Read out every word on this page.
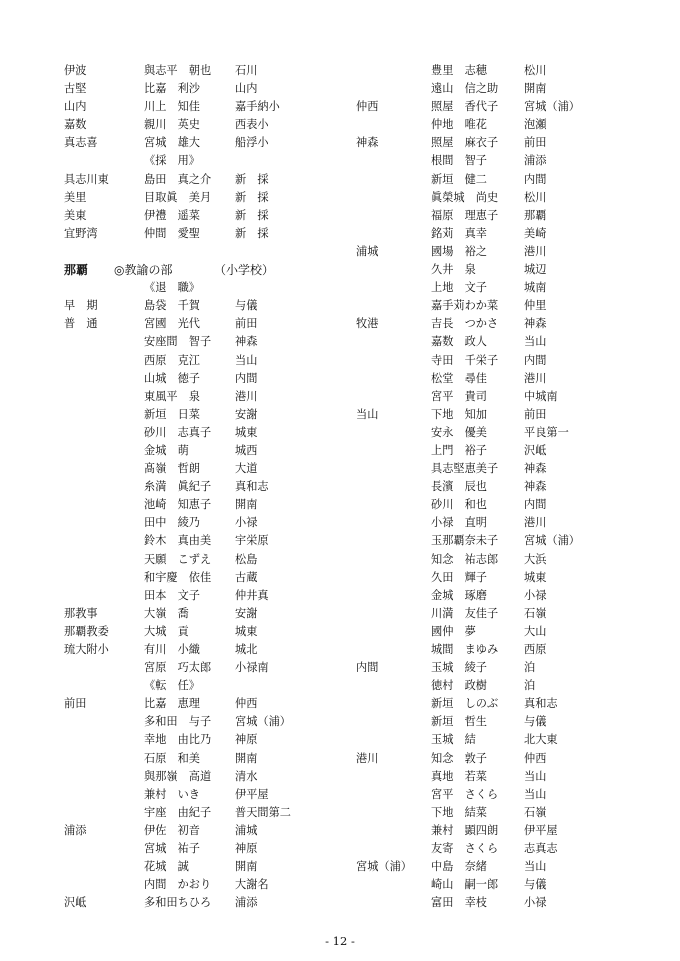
伊波	與志平　朝也 石川
古堅	比嘉　利沙	山内
山内	川上　知佳	嘉手納小
嘉数	親川　英史	西表小
真志喜	宮城　雄大	船浮小
《採　用》
具志川東	島田　真之介 新　採
美里	目取眞　美月 新　採
美東	伊禮　遥菜	新　採
宜野湾	仲間　愛聖	新　採
那覇 ◎教諭の部	（小学校）
《退　職》
早　期	島袋　千賀	与儀
普　通	宮國　光代	前田
安座間　智子 神森
西原　克江	当山
山城　徳子	内間
東風平　泉	港川
新垣　日菜	安謝
砂川　志真子 城東
金城　萌	城西
髙嶺　哲朗	大道
糸満　眞紀子 真和志
池崎　知恵子 開南
田中　綾乃	小禄
鈴木　真由美 宇栄原
天願　こずえ 松島
和宇慶　依佳 古蔵
田本　文子	仲井真
那教事	大嶺　喬	安謝
那覇教委	大城　貢	城東
琉大附小	有川　小織	城北
宮原　巧太郎 小禄南
《転　任》
前田	比嘉　恵理	仲西
多和田　与子 宮城（浦）
幸地　由比乃 神原
石原　和美	開南
與那嶺　高道 清水
兼村　いき	伊平屋
宇座　由紀子 普天間第二
浦添	伊佐　初音	浦城
宮城　祐子	神原
花城　誠	開南
内間　かおり 大謝名
沢岻	多和田ちひろ 浦添
豊里　志穂	松川
遠山　信之助 開南
仲西	照屋　香代子 宮城（浦）
仲地　唯花	泡瀬
神森	照屋　麻衣子 前田
根間　智子	浦添
新垣　健二	内間
眞榮城　尚史 松川
福原　理恵子 那覇
銘苅　真幸	美崎
浦城	國場　裕之	港川
久井　泉	城辺
上地　文子	城南
嘉手苅わか菜 仲里
牧港	吉長　つかさ 神森
嘉数　政人	当山
寺田　千栄子 内間
松堂　尋佳	港川
宮平　貴司	中城南
当山	下地　知加	前田
安永　優美	平良第一
上門　裕子	沢岻
具志堅恵美子 神森
長濱　辰也	神森
砂川　和也	内間
小禄　直明	港川
玉那覇奈未子 宮城（浦）
知念　祐志郎 大浜
久田　輝子	城東
金城　琢磨	小禄
川満　友佳子 石嶺
國仲　夢	大山
城間　まゆみ 西原
内間	玉城　綾子	泊
徳村　政樹	泊
新垣　しのぶ 真和志
新垣　哲生	与儀
玉城　結	北大東
港川	知念　敦子	仲西
真地　若菜	当山
宮平　さくら 当山
下地　結菜	石嶺
兼村　顕四朗 伊平屋
友寄　さくら 志真志
宮城（浦） 中島　奈緒	当山
崎山　嗣一郎 与儀
富田　幸枝	小禄
- 12 -
